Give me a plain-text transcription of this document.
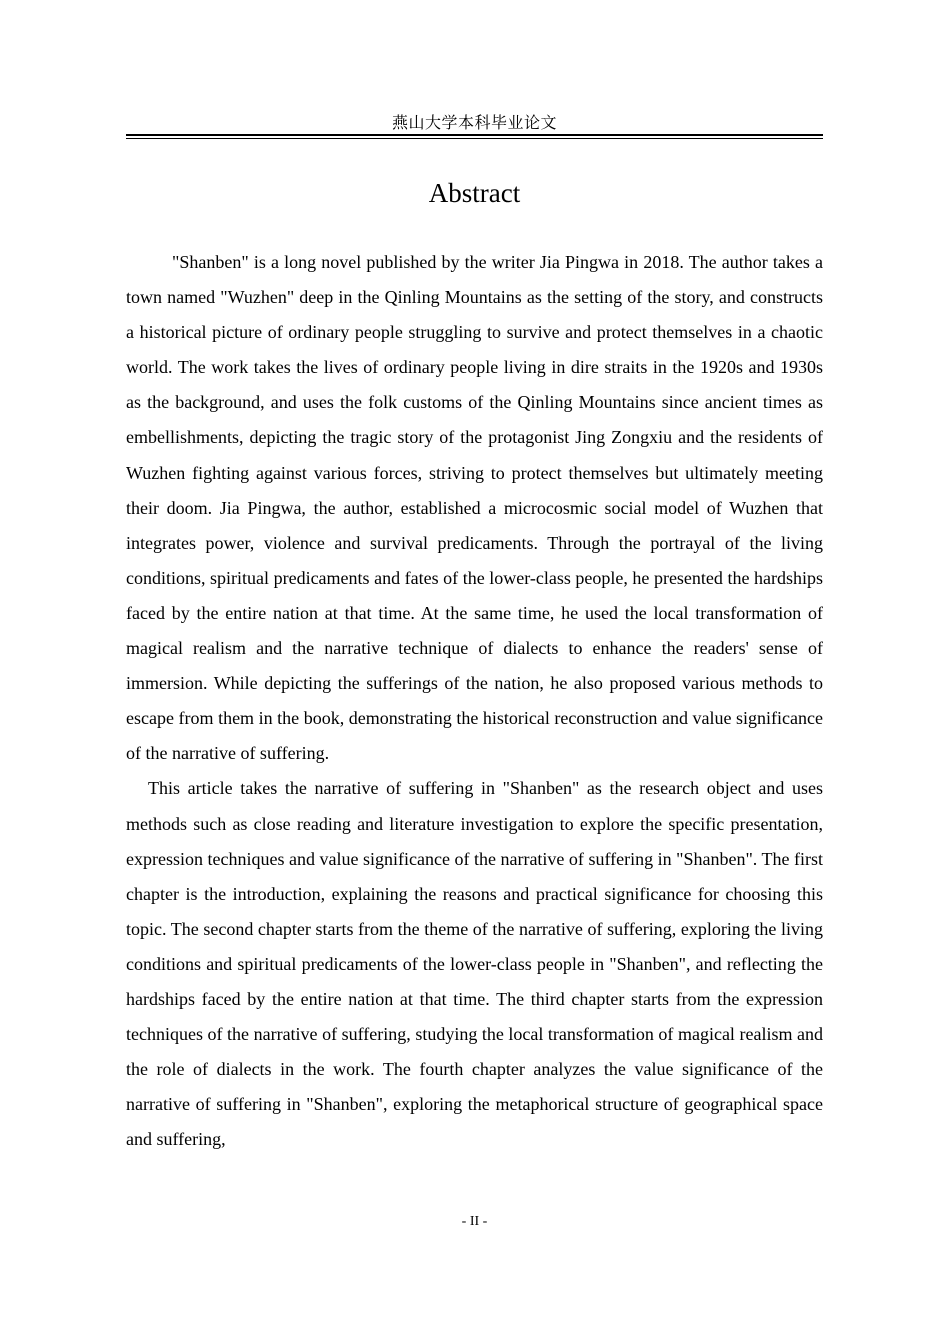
燕山大学本科毕业论文
Abstract

"Shanben" is a long novel published by the writer Jia Pingwa in 2018. The author takes a town named "Wuzhen" deep in the Qinling Mountains as the setting of the story, and constructs a historical picture of ordinary people struggling to survive and protect themselves in a chaotic world. The work takes the lives of ordinary people living in dire straits in the 1920s and 1930s as the background, and uses the folk customs of the Qinling Mountains since ancient times as embellishments, depicting the tragic story of the protagonist Jing Zongxiu and the residents of Wuzhen fighting against various forces, striving to protect themselves but ultimately meeting their doom. Jia Pingwa, the author, established a microcosmic social model of Wuzhen that integrates power, violence and survival predicaments. Through the portrayal of the living conditions, spiritual predicaments and fates of the lower-class people, he presented the hardships faced by the entire nation at that time. At the same time, he used the local transformation of magical realism and the narrative technique of dialects to enhance the readers' sense of immersion. While depicting the sufferings of the nation, he also proposed various methods to escape from them in the book, demonstrating the historical reconstruction and value significance of the narrative of suffering.

This article takes the narrative of suffering in "Shanben" as the research object and uses methods such as close reading and literature investigation to explore the specific presentation, expression techniques and value significance of the narrative of suffering in "Shanben". The first chapter is the introduction, explaining the reasons and practical significance for choosing this topic. The second chapter starts from the theme of the narrative of suffering, exploring the living conditions and spiritual predicaments of the lower-class people in "Shanben", and reflecting the hardships faced by the entire nation at that time. The third chapter starts from the expression techniques of the narrative of suffering, studying the local transformation of magical realism and the role of dialects in the work. The fourth chapter analyzes the value significance of the narrative of suffering in "Shanben", exploring the metaphorical structure of geographical space and suffering,

- II -
